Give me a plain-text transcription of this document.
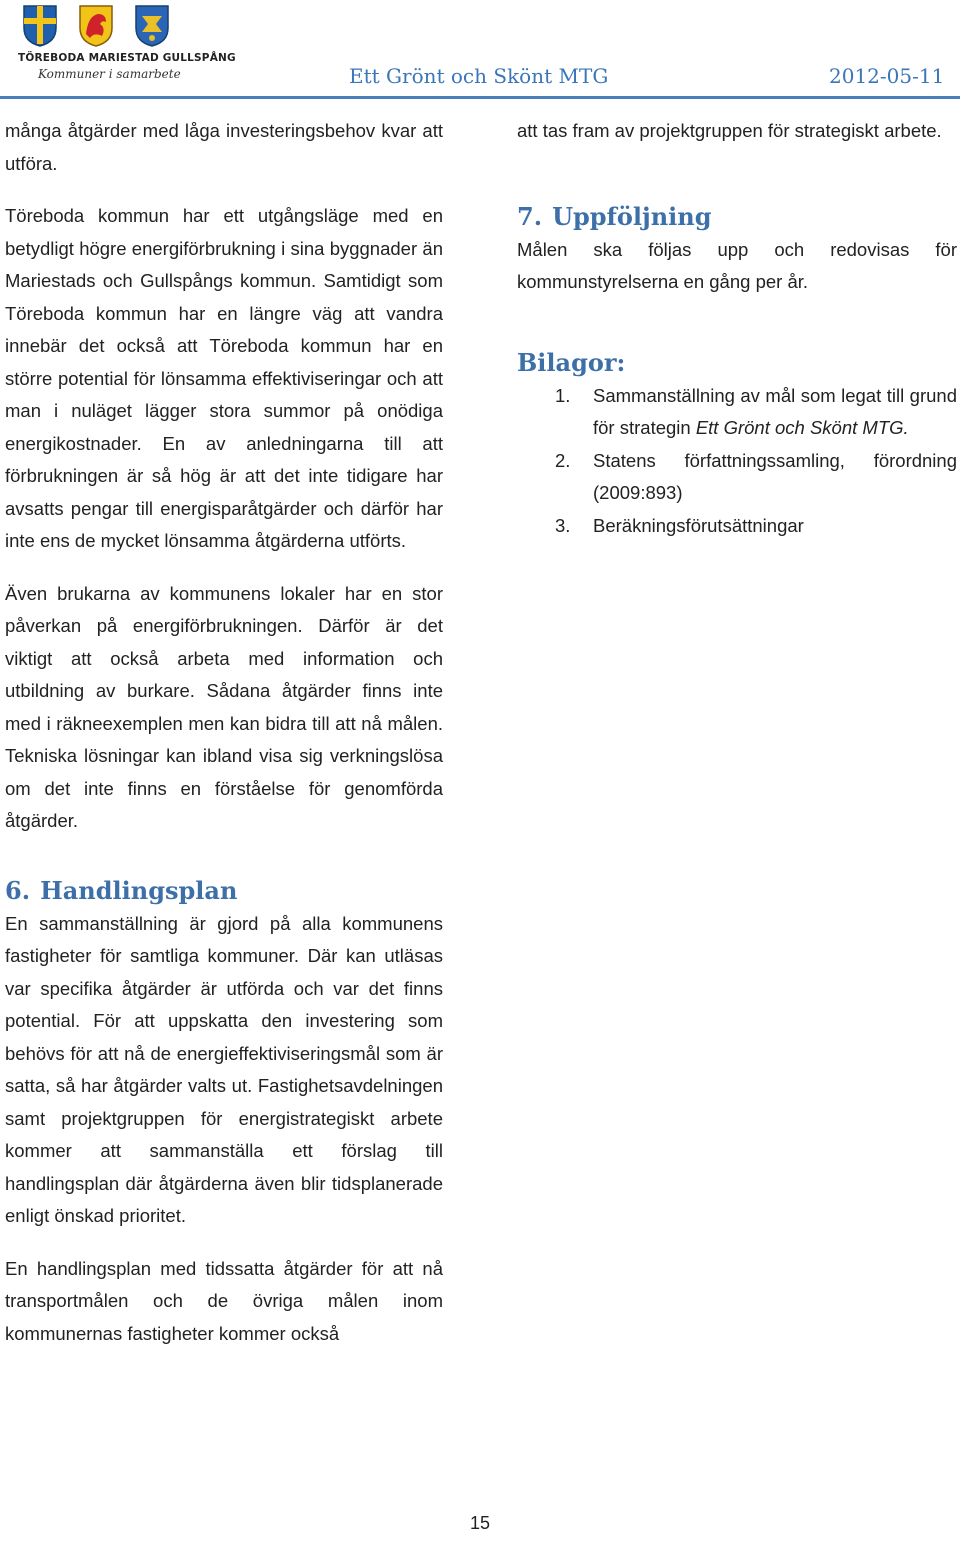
TÖREBODA MARIESTAD GULLSPÅNG
Kommuner i samarbete	Ett Grönt och Skönt MTG	2012-05-11

många åtgärder med låga investeringsbehov kvar att utföra.

Töreboda kommun har ett utgångsläge med en betydligt högre energiförbrukning i sina byggnader än Mariestads och Gullspångs kommun. Samtidigt som Töreboda kommun har en längre väg att vandra innebär det också att Töreboda kommun har en större potential för lönsamma effektiviseringar och att man i nuläget lägger stora summor på onödiga energikostnader. En av anledningarna till att förbrukningen är så hög är att det inte tidigare har avsatts pengar till energisparåtgärder och därför har inte ens de mycket lönsamma åtgärderna utförts.

Även brukarna av kommunens lokaler har en stor påverkan på energiförbrukningen. Därför är det viktigt att också arbeta med information och utbildning av burkare. Sådana åtgärder finns inte med i räkneexemplen men kan bidra till att nå målen. Tekniska lösningar kan ibland visa sig verkningslösa om det inte finns en förståelse för genomförda åtgärder.

6. Handlingsplan

En sammanställning är gjord på alla kommunens fastigheter för samtliga kommuner. Där kan utläsas var specifika åtgärder är utförda och var det finns potential. För att uppskatta den investering som behövs för att nå de energieffektiviseringsmål som är satta, så har åtgärder valts ut. Fastighetsavdelningen samt projektgruppen för energistrategiskt arbete kommer att sammanställa ett förslag till handlingsplan där åtgärderna även blir tidsplanerade enligt önskad prioritet.

En handlingsplan med tidssatta åtgärder för att nå transportmålen och de övriga målen inom kommunernas fastigheter kommer också

att tas fram av projektgruppen för strategiskt arbete.

7. Uppföljning

Målen ska följas upp och redovisas för kommunstyrelserna en gång per år.

Bilagor:
1. Sammanställning av mål som legat till grund för strategin Ett Grönt och Skönt MTG.
2. Statens författningssamling, förordning (2009:893)
3. Beräkningsförutsättningar
15
